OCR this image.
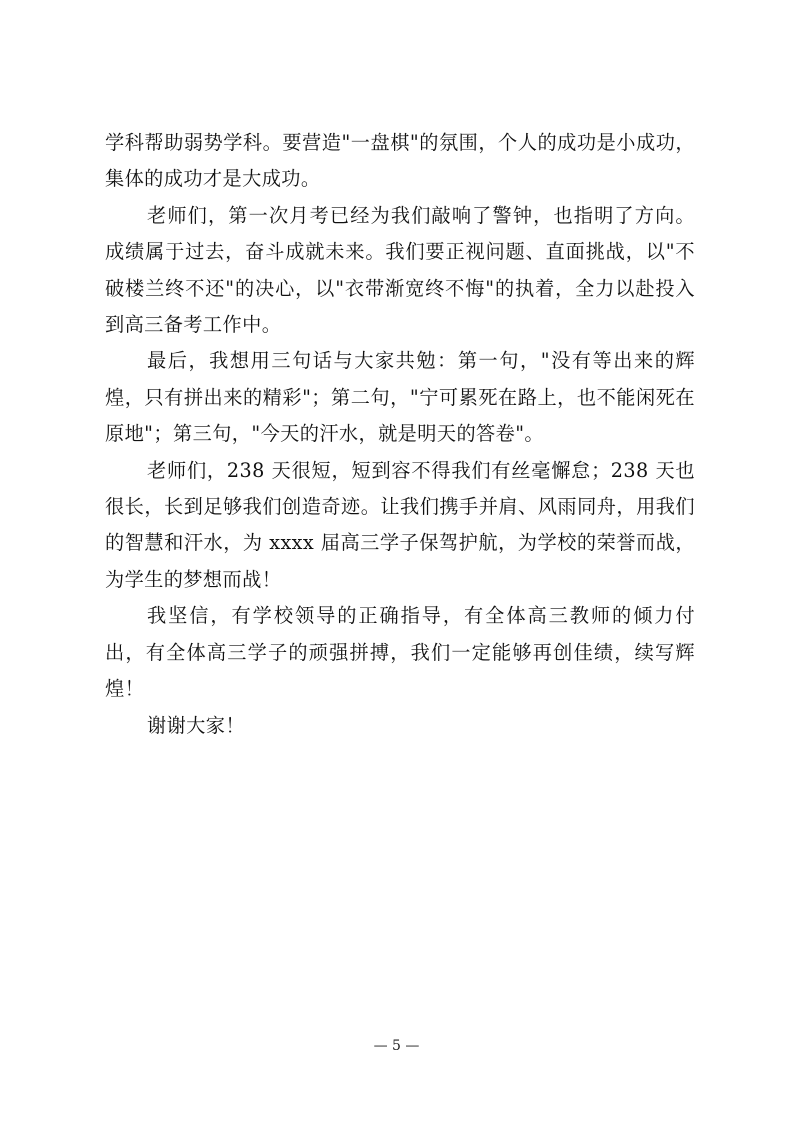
学科帮助弱势学科。要营造"一盘棋"的氛围，个人的成功是小成功，集体的成功才是大成功。

老师们，第一次月考已经为我们敲响了警钟，也指明了方向。成绩属于过去，奋斗成就未来。我们要正视问题、直面挑战，以"不破楼兰终不还"的决心，以"衣带渐宽终不悔"的执着，全力以赴投入到高三备考工作中。

最后，我想用三句话与大家共勉：第一句，"没有等出来的辉煌，只有拼出来的精彩"；第二句，"宁可累死在路上，也不能闲死在原地"；第三句，"今天的汗水，就是明天的答卷"。

老师们，238 天很短，短到容不得我们有丝毫懈怠；238 天也很长，长到足够我们创造奇迹。让我们携手并肩、风雨同舟，用我们的智慧和汗水，为 xxxx 届高三学子保驾护航，为学校的荣誉而战，为学生的梦想而战！

我坚信，有学校领导的正确指导，有全体高三教师的倾力付出，有全体高三学子的顽强拼搏，我们一定能够再创佳绩，续写辉煌！

谢谢大家！

— 5 —
